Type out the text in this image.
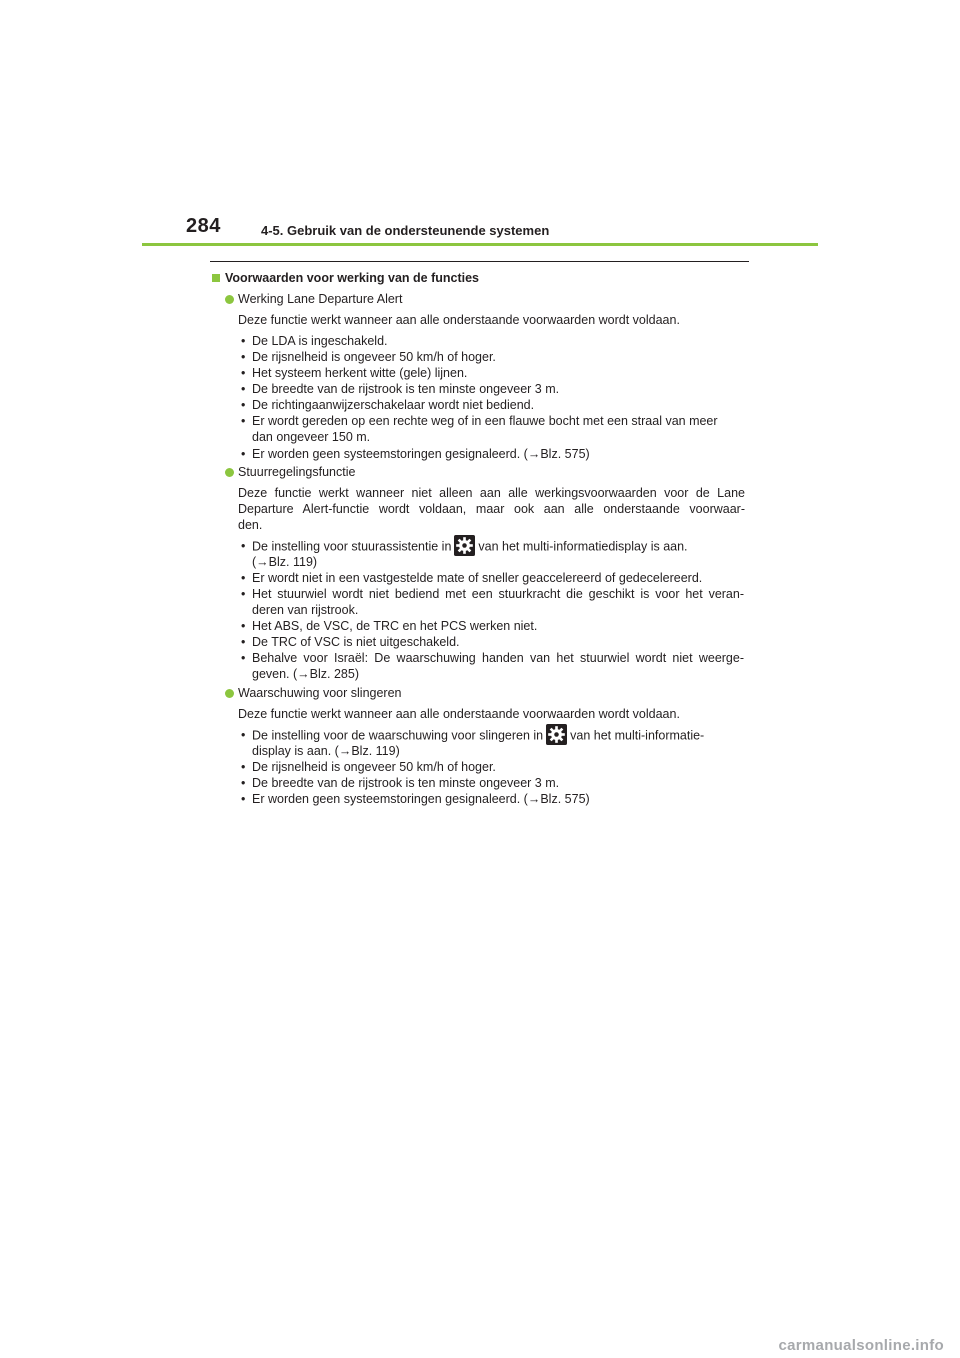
284	4-5. Gebruik van de ondersteunende systemen
Voorwaarden voor werking van de functies
Werking Lane Departure Alert
Deze functie werkt wanneer aan alle onderstaande voorwaarden wordt voldaan.
• De LDA is ingeschakeld.
• De rijsnelheid is ongeveer 50 km/h of hoger.
• Het systeem herkent witte (gele) lijnen.
• De breedte van de rijstrook is ten minste ongeveer 3 m.
• De richtingaanwijzerschakelaar wordt niet bediend.
• Er wordt gereden op een rechte weg of in een flauwe bocht met een straal van meer
dan ongeveer 150 m.
• Er worden geen systeemstoringen gesignaleerd. (→Blz. 575)
Stuurregelingsfunctie
Deze functie werkt wanneer niet alleen aan alle werkingsvoorwaarden voor de Lane
Departure Alert-functie wordt voldaan, maar ook aan alle onderstaande voorwaar-
den.
• De instelling voor stuurassistentie in van het multi-informatiedisplay is aan.
(→Blz. 119)
• Er wordt niet in een vastgestelde mate of sneller geaccelereerd of gedecelereerd.
• Het stuurwiel wordt niet bediend met een stuurkracht die geschikt is voor het veran-
deren van rijstrook.
• Het ABS, de VSC, de TRC en het PCS werken niet.
• De TRC of VSC is niet uitgeschakeld.
• Behalve voor Israël: De waarschuwing handen van het stuurwiel wordt niet weerge-
geven. (→Blz. 285)
Waarschuwing voor slingeren
Deze functie werkt wanneer aan alle onderstaande voorwaarden wordt voldaan.
• De instelling voor de waarschuwing voor slingeren in van het multi-informatie-
display is aan. (→Blz. 119)
• De rijsnelheid is ongeveer 50 km/h of hoger.
• De breedte van de rijstrook is ten minste ongeveer 3 m.
• Er worden geen systeemstoringen gesignaleerd. (→Blz. 575)
carmanualsonline.info
